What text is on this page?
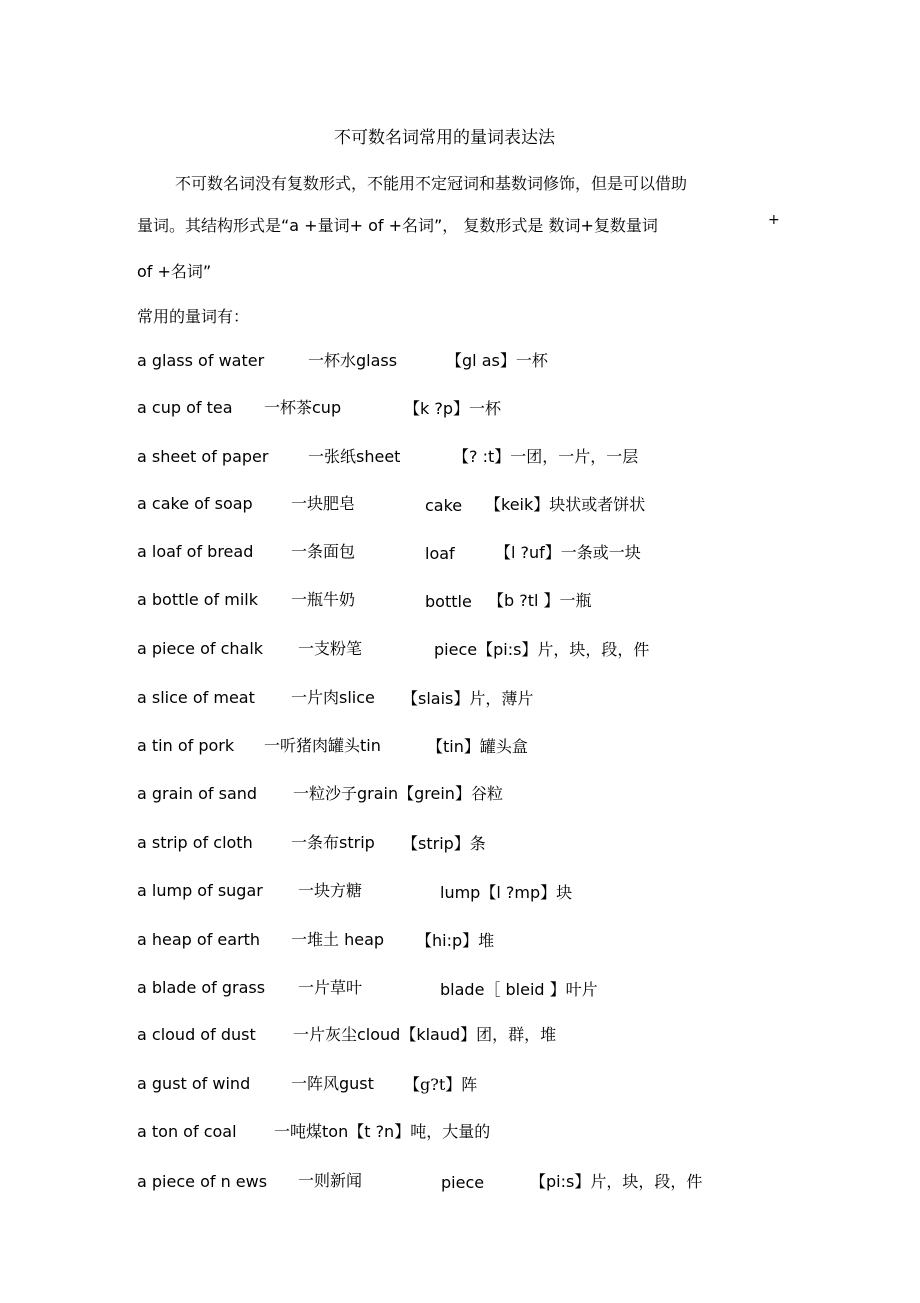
不可数名词常用的量词表达法
不可数名词没有复数形式，不能用不定冠词和基数词修饰，但是可以借助
量词。其结构形式是“a +量词+ of +名词”， 复数形式是 数词+复数量词	+
of +名词”
常用的量词有：
a glass of water	一杯水glass	【gl as】一杯
a cup of tea 一杯茶cup	【k ?p】一杯
a sheet of paper 一张纸sheet	【? :t】一团，一片，一层
a cake of soap 一块肥皂	cake 【keik】块状或者饼状
a loaf of bread 一条面包	loaf	【l ?uf】一条或一块
a bottle of milk 一瓶牛奶	bottle 【b ?tl 】一瓶
a piece of chalk 一支粉笔	piece【pi:s】片，块，段，件
a slice of meat 一片肉slice 【slais】片，薄片
a tin of pork 一听猪肉罐头tin	【tin】罐头盒
a grain of sand 一粒沙子grain【grein】谷粒
a strip of cloth 一条布strip 【strip】条
a lump of sugar 一块方糖	lump【l ?mp】块
a heap of earth 一堆土 heap 【hi:p】堆
a blade of grass 一片草叶	blade［ bleid 】叶片
a cloud of dust 一片灰尘cloud【klaud】团，群，堆
a gust of wind	一阵风gust 【g?t】阵
a ton of coal 一吨煤ton【t ?n】吨，大量的
a piece of n ews 一则新闻	piece	【pi:s】片，块，段，件
